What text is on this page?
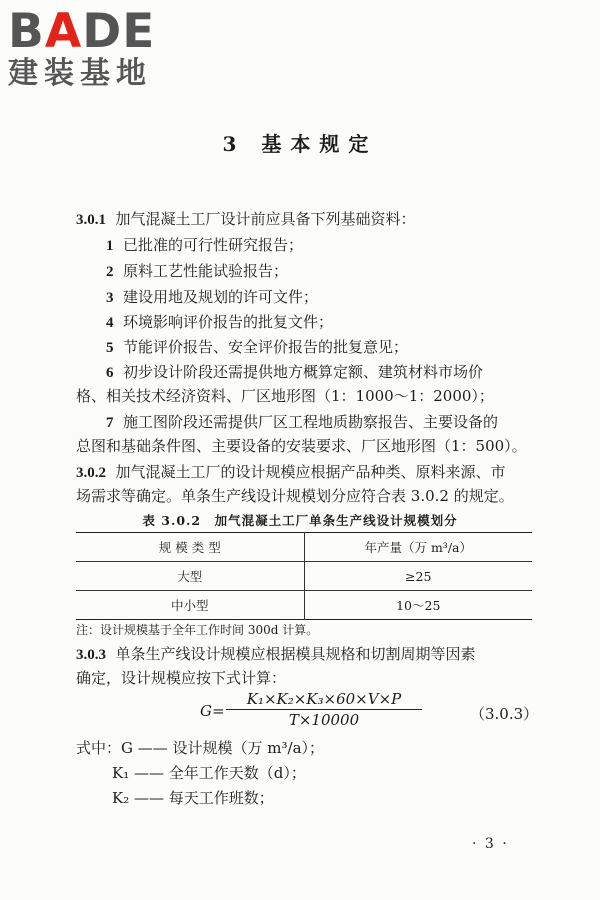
BADE
建装基地
3 基本规定
3.0.1 加气混凝土工厂设计前应具备下列基础资料：
1 已批准的可行性研究报告；
2 原料工艺性能试验报告；
3 建设用地及规划的许可文件；
4 环境影响评价报告的批复文件；
5 节能评价报告、安全评价报告的批复意见；
6 初步设计阶段还需提供地方概算定额、建筑材料市场价
格、相关技术经济资料、厂区地形图（1：1000～1：2000）；
7 施工图阶段还需提供厂区工程地质勘察报告、主要设备的
总图和基础条件图、主要设备的安装要求、厂区地形图（1：500）。
3.0.2 加气混凝土工厂的设计规模应根据产品种类、原料来源、市
场需求等确定。单条生产线设计规模划分应符合表 3.0.2 的规定。
表 3.0.2　加气混凝土工厂单条生产线设计规模划分
规 模 类 型	年产量（万 m³/a）
大型	≥25
中小型	10～25
注：设计规模基于全年工作时间 300d 计算。
3.0.3 单条生产线设计规模应根据模具规格和切割周期等因素
确定，设计规模应按下式计算：
$G= \frac{\text{K₁×K₂×K₃×60×V×P}}{T\times 10000}$	（3.0.3）
式中：G —— 设计规模（万 m³/a）；
K₁ —— 全年工作天数（d）；
K₂ —— 每天工作班数；
· 3 ·
